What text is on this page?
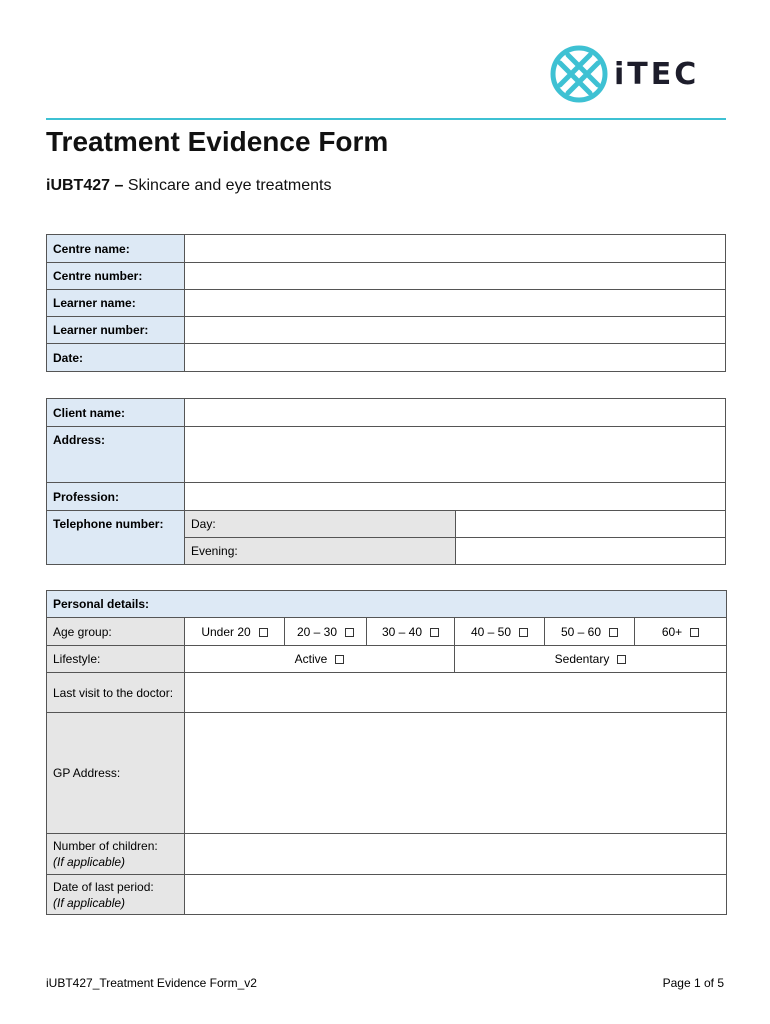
iTEC
Treatment Evidence Form
iUBT427 – Skincare and eye treatments
Centre name:	
Centre number:	
Learner name:	
Learner number:	
Date:	
Client name:		
Address:		
Profession:		
Telephone number:	Day:	
	Evening:	
Personal details:						
Age group:	Under 20	20 – 30	30 – 40	40 – 50	50 – 60	60+
Lifestyle:	Active			Sedentary		
Last visit to the doctor:						
GP Address:						

Number of children:
(If applicable)						

Date of last period:
(If applicable)						

iUBT427_Treatment Evidence Form_v2	Page 1 of 5
